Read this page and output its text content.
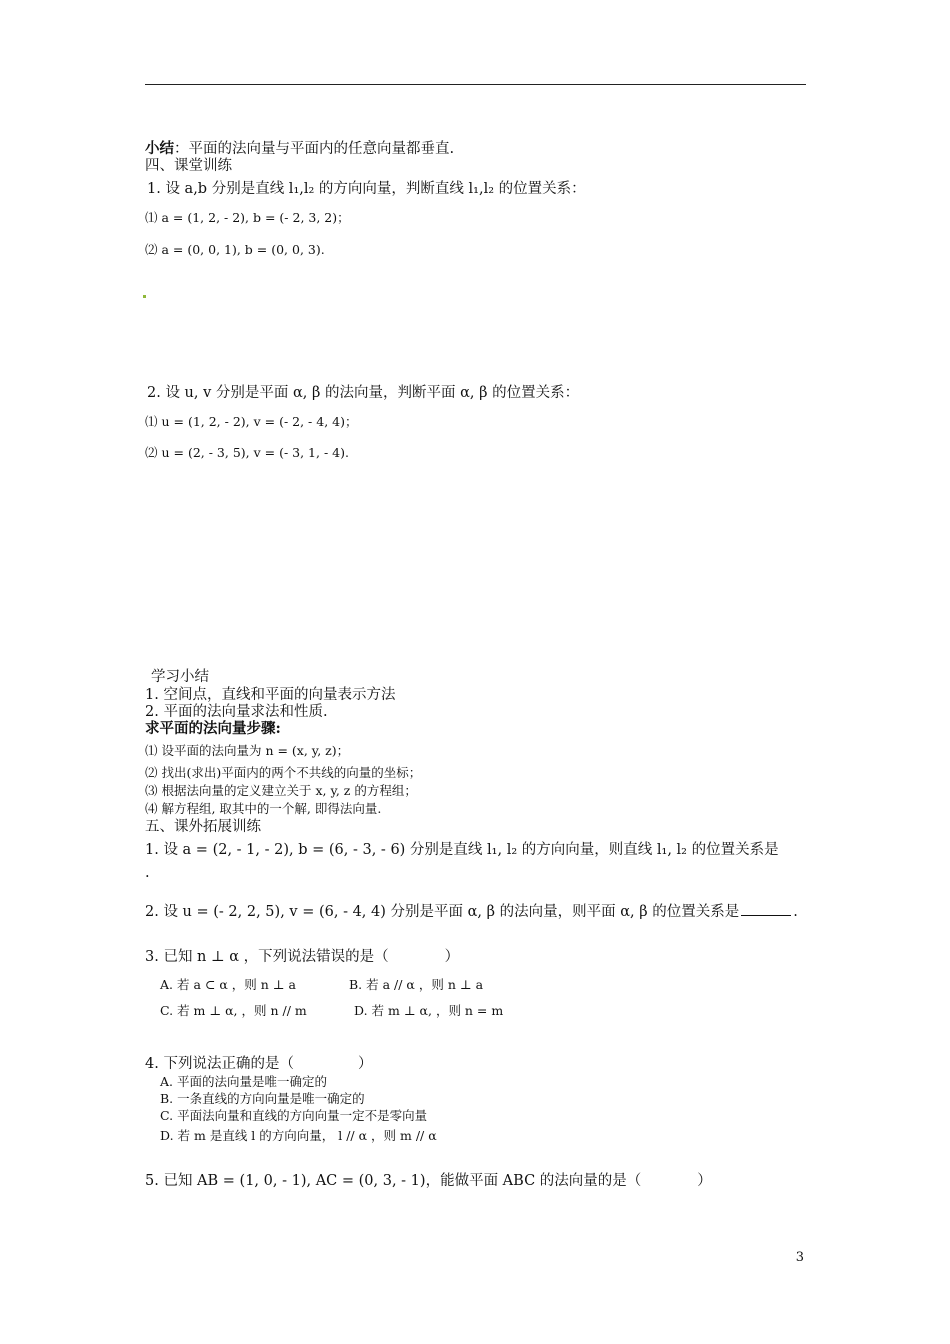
小结：平面的法向量与平面内的任意向量都垂直.
四、课堂训练
1. 设 a,b 分别是直线 l₁,l₂ 的方向向量，判断直线 l₁,l₂ 的位置关系：
⑴ a = (1, 2, - 2), b = (- 2, 3, 2)；
⑵ a = (0, 0, 1), b = (0, 0, 3).
2. 设 u, v 分别是平面 α, β 的法向量，判断平面 α, β 的位置关系：
⑴ u = (1, 2, - 2), v = (- 2, - 4, 4)；
⑵ u = (2, - 3, 5), v = (- 3, 1, - 4).
学习小结
1. 空间点，直线和平面的向量表示方法
2. 平面的法向量求法和性质.
求平面的法向量步骤:
⑴ 设平面的法向量为 n = (x, y, z)；
⑵ 找出(求出)平面内的两个不共线的向量的坐标；
⑶ 根据法向量的定义建立关于 x, y, z 的方程组；
⑷ 解方程组, 取其中的一个解, 即得法向量.
五、课外拓展训练
1. 设 a = (2, - 1, - 2), b = (6, - 3, - 6) 分别是直线 l₁, l₂ 的方向向量，则直线 l₁, l₂ 的位置关系是
.
2. 设 u = (- 2, 2, 5), v = (6, - 4, 4) 分别是平面 α, β 的法向量，则平面 α, β 的位置关系是	.
3. 已知 n ⊥ α ，下列说法错误的是（	）
A. 若 a ⊂ α ，则 n ⊥ a	B. 若 a // α ，则 n ⊥ a
C. 若 m ⊥ α, ，则 n // m	D. 若 m ⊥ α, ，则 n = m
4. 下列说法正确的是（	）
A. 平面的法向量是唯一确定的
B. 一条直线的方向向量是唯一确定的
C. 平面法向量和直线的方向向量一定不是零向量
D. 若 m 是直线 l 的方向向量， l // α ，则 m // α
5. 已知 AB = (1, 0, - 1), AC = (0, 3, - 1)，能做平面 ABC 的法向量的是（	）
3
